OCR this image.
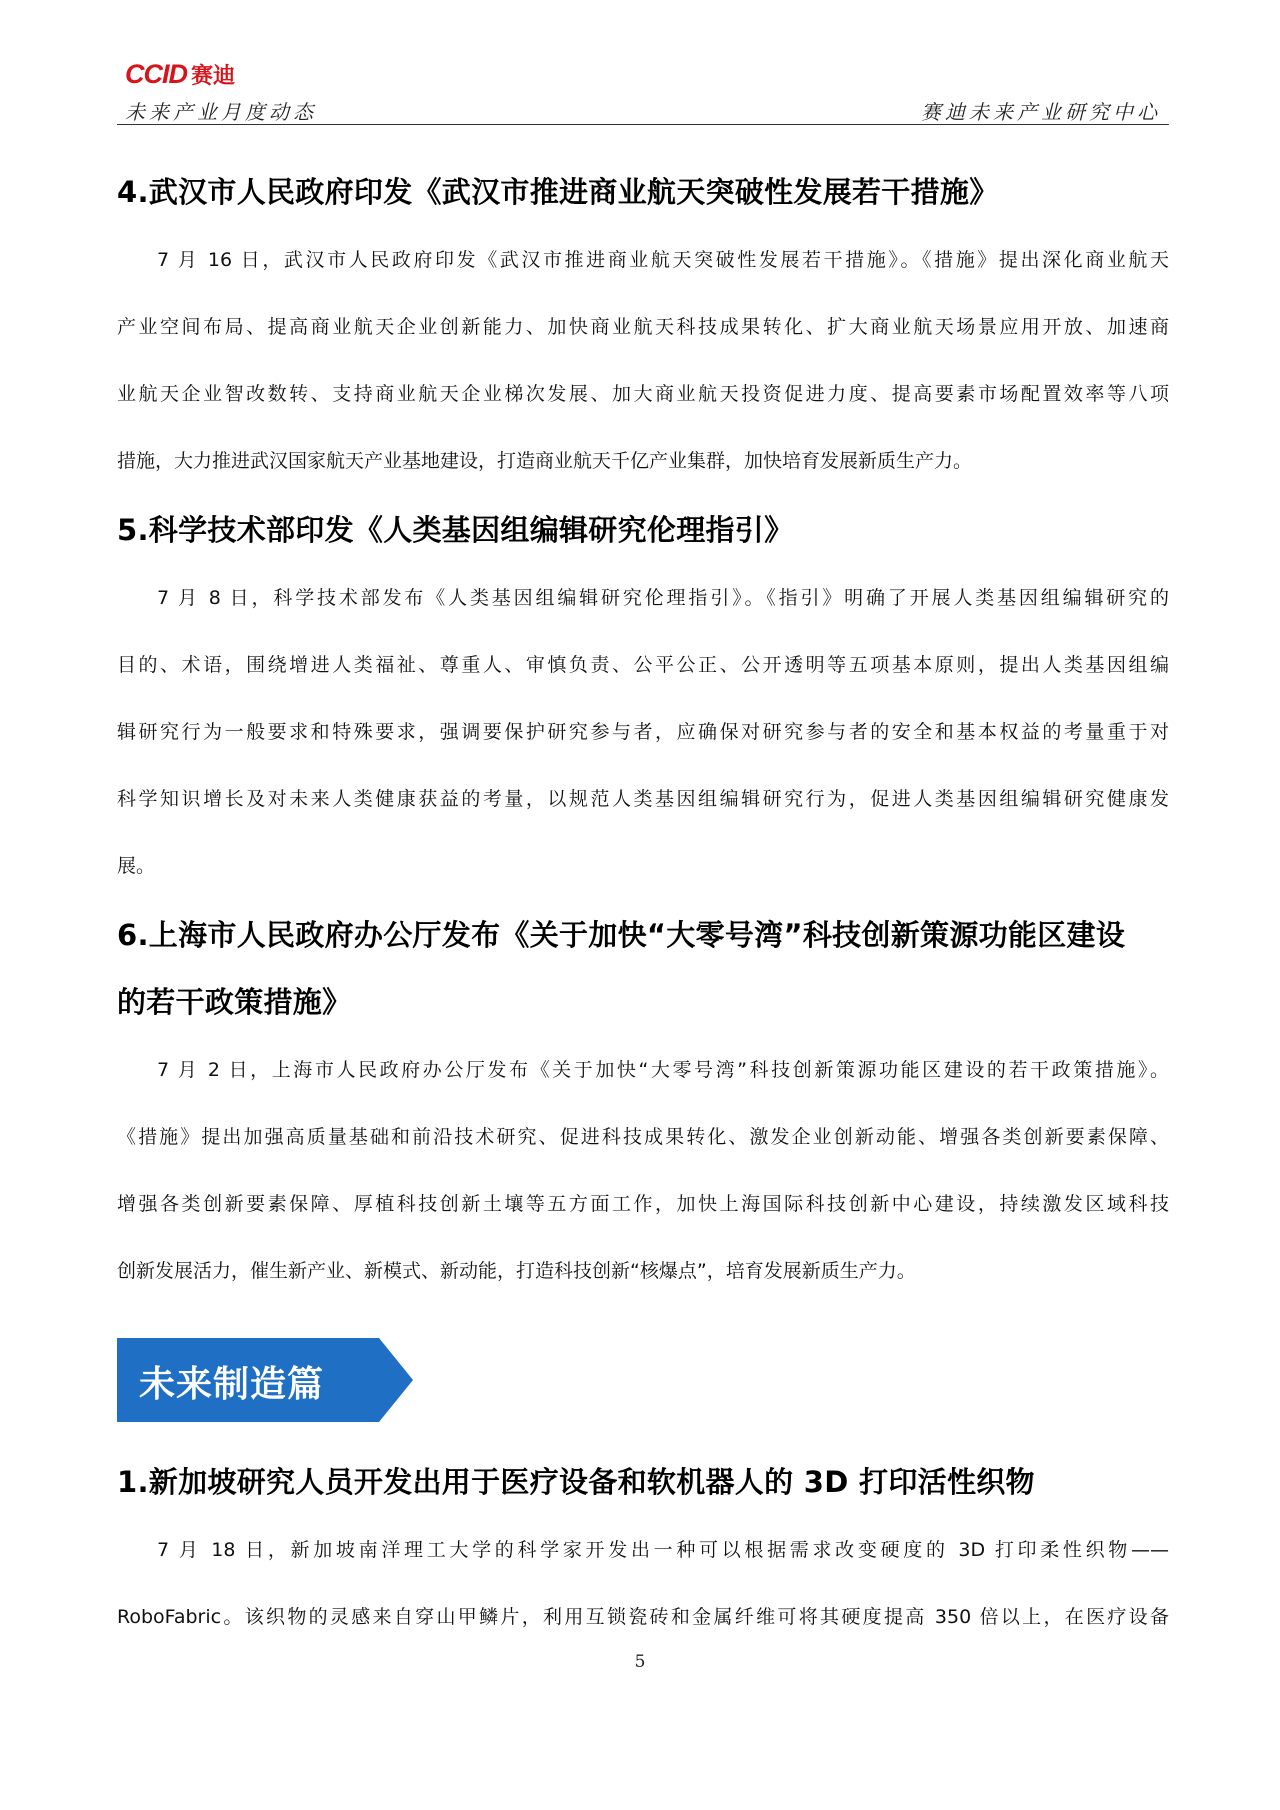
CCID 赛迪
未来产业月度动态	赛迪未来产业研究中心
4.武汉市人民政府印发《武汉市推进商业航天突破性发展若干措施》
7 月 16 日，武汉市人民政府印发《武汉市推进商业航天突破性发展若干措施》。《措施》提出深化商业航天
产业空间布局、提高商业航天企业创新能力、加快商业航天科技成果转化、扩大商业航天场景应用开放、加速商
业航天企业智改数转、支持商业航天企业梯次发展、加大商业航天投资促进力度、提高要素市场配置效率等八项
措施，大力推进武汉国家航天产业基地建设，打造商业航天千亿产业集群，加快培育发展新质生产力。
5.科学技术部印发《人类基因组编辑研究伦理指引》
7 月 8 日，科学技术部发布《人类基因组编辑研究伦理指引》。《指引》明确了开展人类基因组编辑研究的
目的、术语，围绕增进人类福祉、尊重人、审慎负责、公平公正、公开透明等五项基本原则，提出人类基因组编
辑研究行为一般要求和特殊要求，强调要保护研究参与者，应确保对研究参与者的安全和基本权益的考量重于对
科学知识增长及对未来人类健康获益的考量，以规范人类基因组编辑研究行为，促进人类基因组编辑研究健康发
展。
6.上海市人民政府办公厅发布《关于加快“大零号湾”科技创新策源功能区建设
的若干政策措施》
7 月 2 日，上海市人民政府办公厅发布《关于加快“大零号湾”科技创新策源功能区建设的若干政策措施》。
《措施》提出加强高质量基础和前沿技术研究、促进科技成果转化、激发企业创新动能、增强各类创新要素保障、
增强各类创新要素保障、厚植科技创新土壤等五方面工作，加快上海国际科技创新中心建设，持续激发区域科技
创新发展活力，催生新产业、新模式、新动能，打造科技创新“核爆点”，培育发展新质生产力。
未来制造篇
1.新加坡研究人员开发出用于医疗设备和软机器人的 3D 打印活性织物
7 月 18 日，新加坡南洋理工大学的科学家开发出一种可以根据需求改变硬度的 3D 打印柔性织物——
RoboFabric。该织物的灵感来自穿山甲鳞片，利用互锁瓷砖和金属纤维可将其硬度提高 350 倍以上，在医疗设备
5
